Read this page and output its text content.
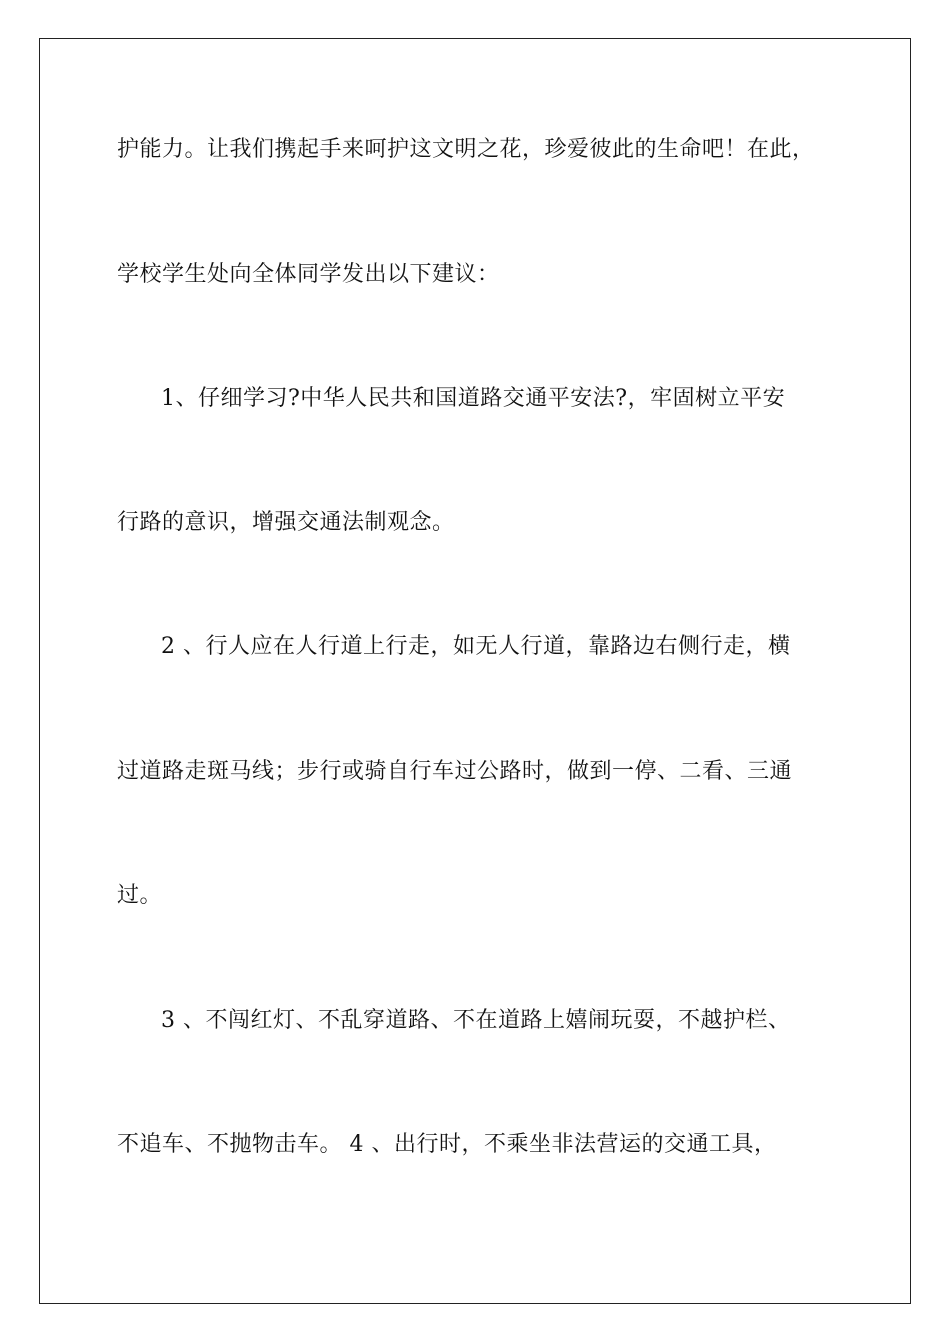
护能力。让我们携起手来呵护这文明之花，珍爱彼此的生命吧！在此，
学校学生处向全体同学发出以下建议：
1、仔细学习?中华人民共和国道路交通平安法?，牢固树立平安
行路的意识，增强交通法制观念。
2 、行人应在人行道上行走，如无人行道，靠路边右侧行走，横
过道路走斑马线；步行或骑自行车过公路时，做到一停、二看、三通
过。
3 、不闯红灯、不乱穿道路、不在道路上嬉闹玩耍，不越护栏、
不追车、不抛物击车。 4 、出行时，不乘坐非法营运的交通工具，
